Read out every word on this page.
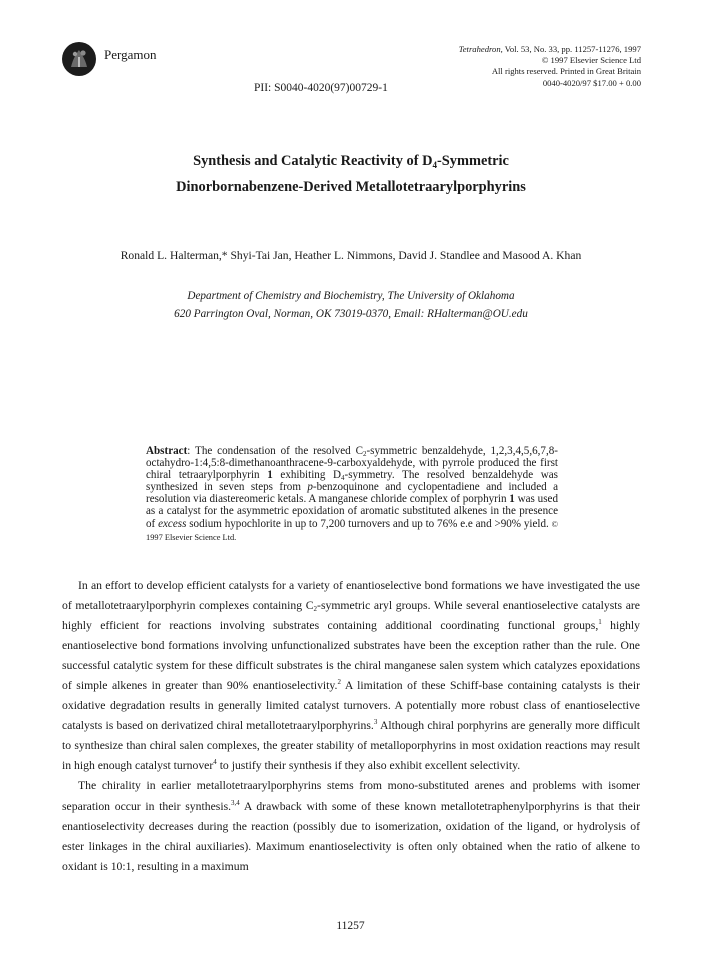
Pergamon	Tetrahedron, Vol. 53, No. 33, pp. 11257-11276, 1997
© 1997 Elsevier Science Ltd
All rights reserved. Printed in Great Britain
0040-4020/97 $17.00 + 0.00
PII: S0040-4020(97)00729-1
Synthesis and Catalytic Reactivity of $D_4$-Symmetric
Dinorbornabenzene-Derived Metallotetraarylporphyrins
Ronald L. Halterman,* Shyi-Tai Jan, Heather L. Nimmons, David J. Standlee and Masood A. Khan
Department of Chemistry and Biochemistry, The University of Oklahoma
620 Parrington Oval, Norman, OK 73019-0370, Email: RHalterman@OU.edu
Abstract: The condensation of the resolved $C_2$-symmetric benzaldehyde, 1,2,3,4,5,6,7,8-octahydro-1:4,5:8-dimethanoanthracene-9-carboxyaldehyde, with pyrrole produced the first chiral tetraarylporphyrin 1 exhibiting $D_4$-symmetry. The resolved benzaldehyde was synthesized in seven steps from p-benzoquinone and cyclopentadiene and included a resolution via diastereomeric ketals. A manganese chloride complex of porphyrin 1 was used as a catalyst for the asymmetric epoxidation of aromatic substituted alkenes in the presence of excess sodium hypochlorite in up to 7,200 turnovers and up to 76% e.e and >90% yield. © 1997 Elsevier Science Ltd.

In an effort to develop efficient catalysts for a variety of enantioselective bond formations we have investigated the use of metallotetraarylporphyrin complexes containing $C_2$-symmetric aryl groups. While several enantioselective catalysts are highly efficient for reactions involving substrates containing additional coordinating functional groups,$^1$ highly enantioselective bond formations involving unfunctionalized substrates have been the exception rather than the rule. One successful catalytic system for these difficult substrates is the chiral manganese salen system which catalyzes epoxidations of simple alkenes in greater than 90% enantioselectivity.$^2$ A limitation of these Schiff-base containing catalysts is their oxidative degradation results in generally limited catalyst turnovers. A potentially more robust class of enantioselective catalysts is based on derivatized chiral metallotetraarylporphyrins.$^3$ Although chiral porphyrins are generally more difficult to synthesize than chiral salen complexes, the greater stability of metalloporphyrins in most oxidation reactions may result in high enough catalyst turnover$^4$ to justify their synthesis if they also exhibit excellent selectivity.

The chirality in earlier metallotetraarylporphyrins stems from mono-substituted arenes and problems with isomer separation occur in their synthesis.$^{3,4}$ A drawback with some of these known metallotetraphenylporphyrins is that their enantioselectivity decreases during the reaction (possibly due to isomerization, oxidation of the ligand, or hydrolysis of ester linkages in the chiral auxiliaries). Maximum enantioselectivity is often only obtained when the ratio of alkene to oxidant is 10:1, resulting in a maximum

11257
